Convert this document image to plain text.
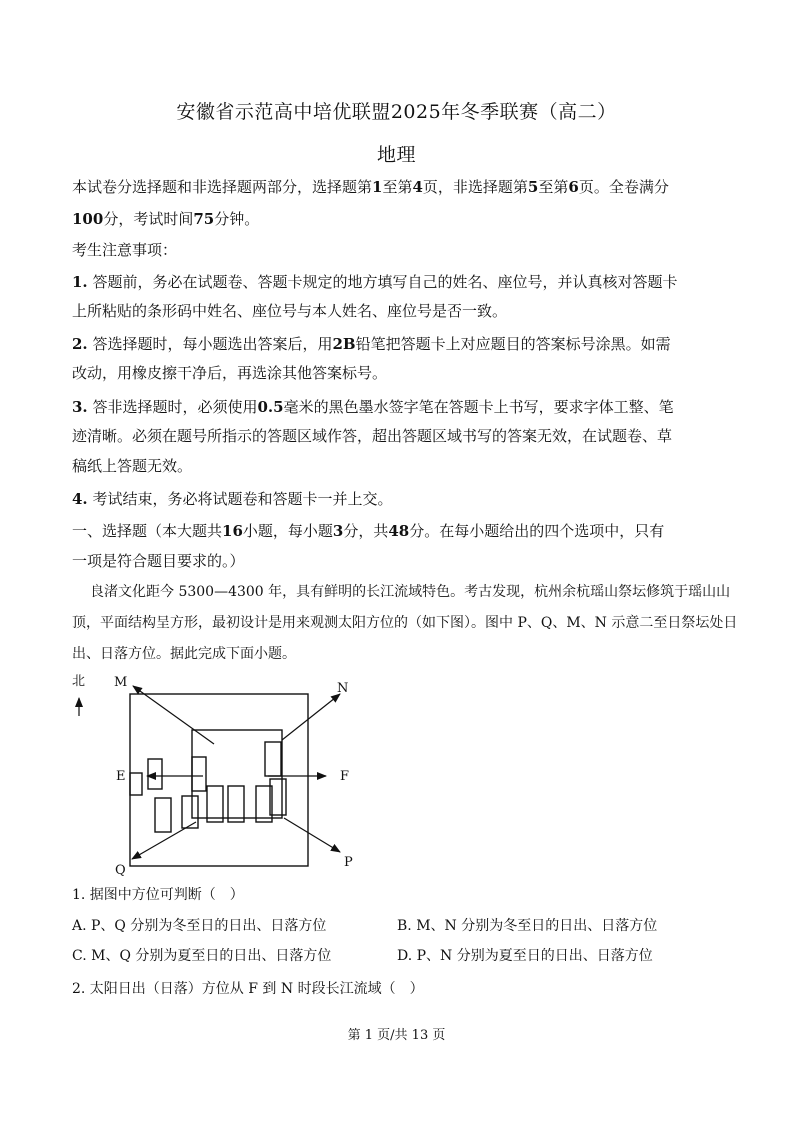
安徽省示范高中培优联盟2025年冬季联赛（高二）
地理
本试卷分选择题和非选择题两部分，选择题第1至第4页，非选择题第5至第6页。全卷满分
100分，考试时间75分钟。
考生注意事项：
1. 答题前，务必在试题卷、答题卡规定的地方填写自己的姓名、座位号，并认真核对答题卡
上所粘贴的条形码中姓名、座位号与本人姓名、座位号是否一致。
2. 答选择题时，每小题选出答案后，用2B铅笔把答题卡上对应题目的答案标号涂黑。如需
改动，用橡皮擦干净后，再选涂其他答案标号。
3. 答非选择题时，必须使用0.5毫米的黑色墨水签字笔在答题卡上书写，要求字体工整、笔
迹清晰。必须在题号所指示的答题区域作答，超出答题区域书写的答案无效，在试题卷、草
稿纸上答题无效。
4. 考试结束，务必将试题卷和答题卡一并上交。
一、选择题（本大题共16小题，每小题3分，共48分。在每小题给出的四个选项中，只有
一项是符合题目要求的。）
良渚文化距今 5300—4300 年，具有鲜明的长江流域特色。考古发现，杭州余杭瑶山祭坛修筑于瑶山山
顶，平面结构呈方形，最初设计是用来观测太阳方位的（如下图）。图中 P、Q、M、N 示意二至日祭坛处日
出、日落方位。据此完成下面小题。
北 M	N
E	F
Q
P
1. 据图中方位可判断（　）
A. P、Q 分别为冬至日的日出、日落方位	B. M、N 分别为冬至日的日出、日落方位
C. M、Q 分别为夏至日的日出、日落方位	D. P、N 分别为夏至日的日出、日落方位
2. 太阳日出（日落）方位从 F 到 N 时段长江流域（　）
第 1 页/共 13 页
